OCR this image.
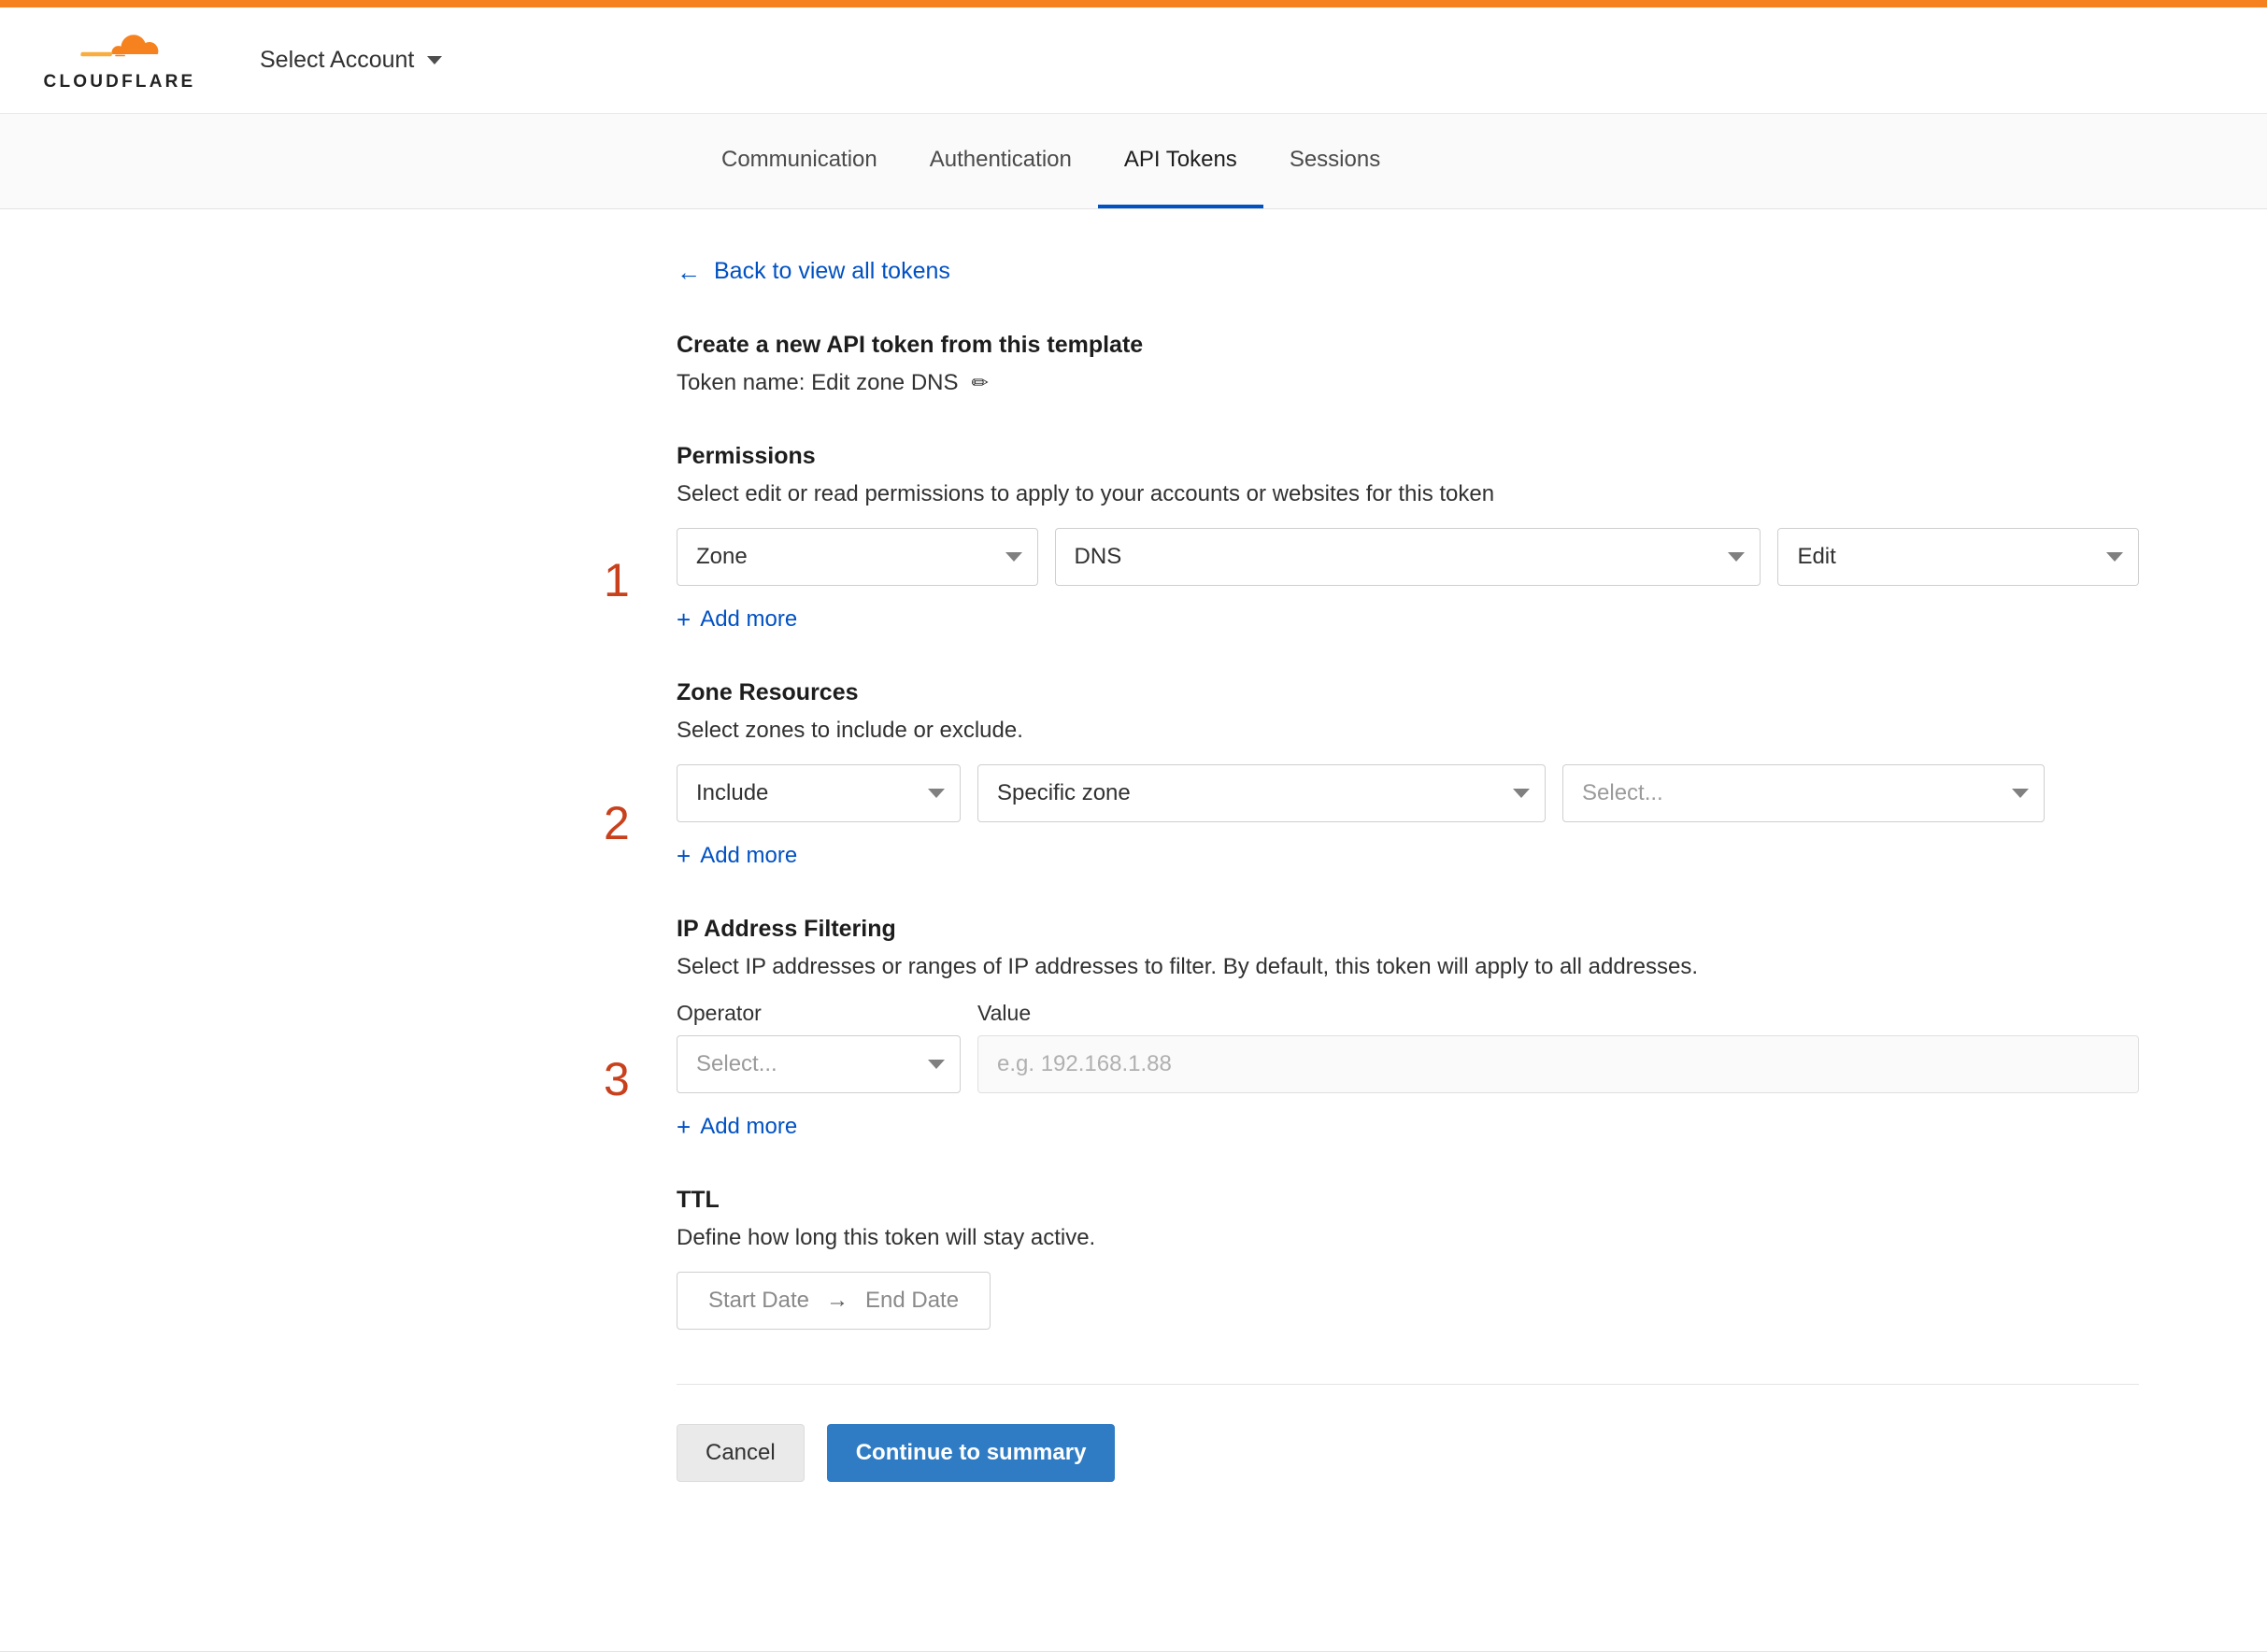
CLOUDFLARE
Select Account
Communication	Authentication	API Tokens	Sessions
← Back to view all tokens
1
Create a new API token from this template
Token name: Edit zone DNS ✏
2
Permissions
Select edit or read permissions to apply to your accounts or websites for this token
Zone	DNS	Edit
+ Add more
3
Zone Resources
Select zones to include or exclude.
Include	Specific zone	Select...
+ Add more
IP Address Filtering
Select IP addresses or ranges of IP addresses to filter. By default, this token will apply to all addresses.
Operator
Select...
Value
e.g. 192.168.1.88
+ Add more
TTL
Define how long this token will stay active.
Start Date → End Date
Cancel	Continue to summary
